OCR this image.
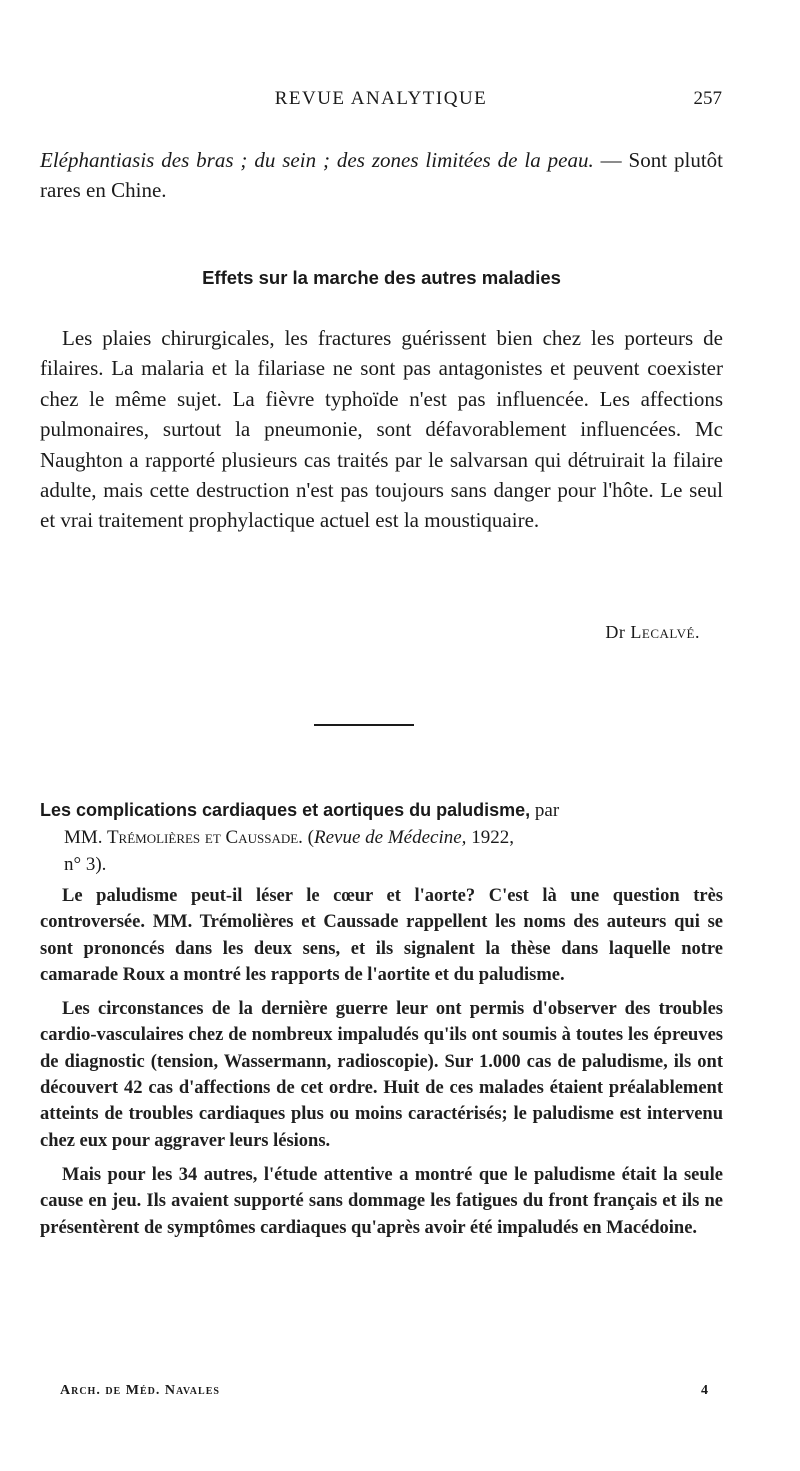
REVUE ANALYTIQUE	257
Eléphantiasis des bras ; du sein ; des zones limitées de la peau. — Sont plutôt rares en Chine.
Effets sur la marche des autres maladies
Les plaies chirurgicales, les fractures guérissent bien chez les porteurs de filaires. La malaria et la filariase ne sont pas antagonistes et peuvent coexister chez le même sujet. La fièvre typhoïde n'est pas influencée. Les affections pulmonaires, surtout la pneumonie, sont défavorablement influencées. Mc Naughton a rapporté plusieurs cas traités par le salvarsan qui détruirait la filaire adulte, mais cette destruction n'est pas toujours sans danger pour l'hôte. Le seul et vrai traitement prophylactique actuel est la moustiquaire.
Dr Lecalvé.
Les complications cardiaques et aortiques du paludisme, par
MM. Trémolières et Caussade. (Revue de Médecine, 1922,
n° 3).

Le paludisme peut-il léser le cœur et l'aorte? C'est là une question très controversée. MM. Trémolières et Caussade rappellent les noms des auteurs qui se sont prononcés dans les deux sens, et ils signalent la thèse dans laquelle notre camarade Roux a montré les rapports de l'aortite et du paludisme.

Les circonstances de la dernière guerre leur ont permis d'observer des troubles cardio-vasculaires chez de nombreux impaludés qu'ils ont soumis à toutes les épreuves de diagnostic (tension, Wassermann, radioscopie). Sur 1.000 cas de paludisme, ils ont découvert 42 cas d'affections de cet ordre. Huit de ces malades étaient préalablement atteints de troubles cardiaques plus ou moins caractérisés; le paludisme est intervenu chez eux pour aggraver leurs lésions.

Mais pour les 34 autres, l'étude attentive a montré que le paludisme était la seule cause en jeu. Ils avaient supporté sans dommage les fatigues du front français et ils ne présentèrent de symptômes cardiaques qu'après avoir été impaludés en Macédoine.

Arch. de Méd. Navales	4
